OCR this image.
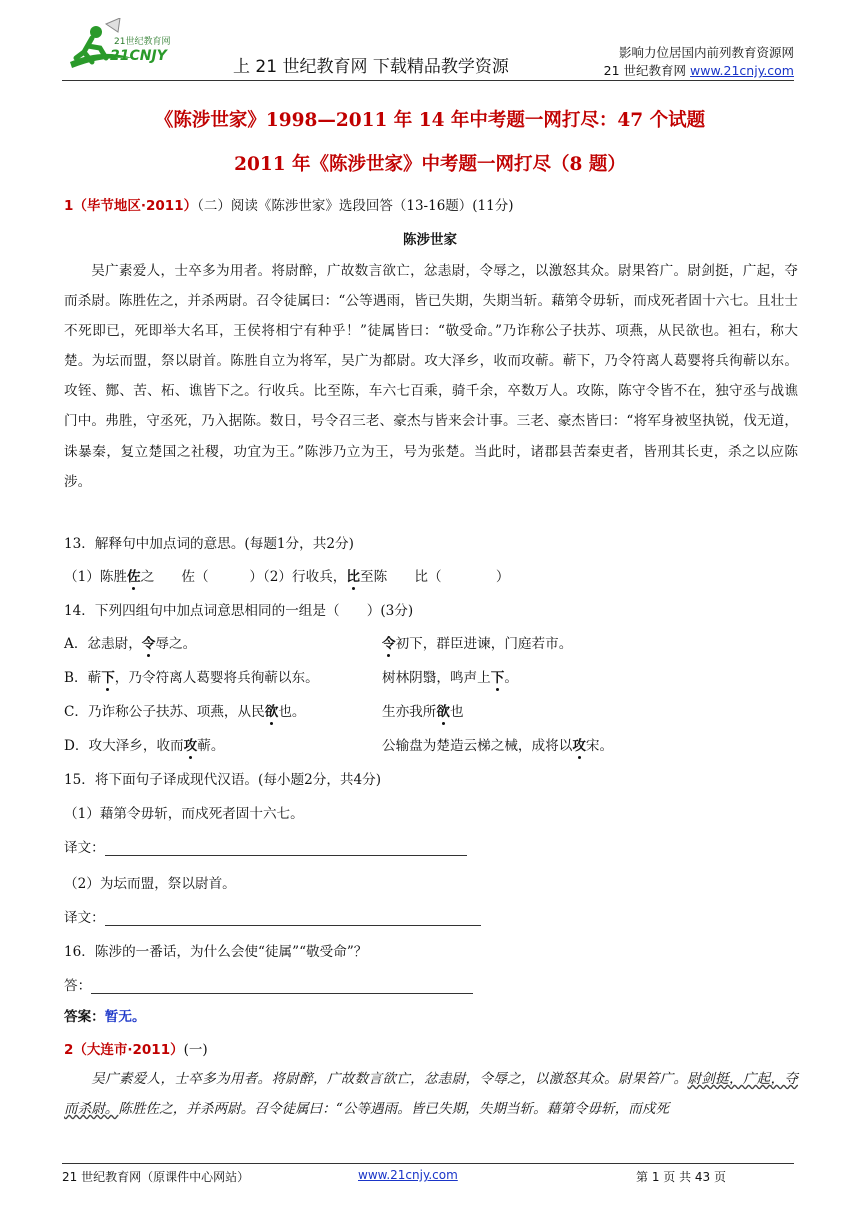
21世纪教育网
21CNJY
上 21 世纪教育网 下载精品教学资源
影响力位居国内前列教育资源网
21 世纪教育网 www.21cnjy.com
《陈涉世家》1998—2011 年 14 年中考题一网打尽：47 个试题
2011 年《陈涉世家》中考题一网打尽（8 题）
1（毕节地区·2011）（二）阅读《陈涉世家》选段回答（13-16题）(11分)
陈涉世家
吴广素爱人，士卒多为用者。将尉醉，广故数言欲亡，忿恚尉，令辱之，以激怒其众。尉果笞广。尉剑挺，广起，夺而杀尉。陈胜佐之，并杀两尉。召令徒属曰：“公等遇雨，皆已失期，失期当斩。藉第令毋斩，而戍死者固十六七。且壮士不死即已，死即举大名耳，王侯将相宁有种乎！”徒属皆曰：“敬受命。”乃诈称公子扶苏、项燕，从民欲也。袒右，称大楚。为坛而盟，祭以尉首。陈胜自立为将军，吴广为都尉。攻大泽乡，收而攻蕲。蕲下，乃令符离人葛婴将兵徇蕲以东。攻铚、酂、苦、柘、谯皆下之。行收兵。比至陈，车六七百乘，骑千余，卒数万人。攻陈，陈守令皆不在，独守丞与战谯门中。弗胜，守丞死，乃入据陈。数日，号令召三老、豪杰与皆来会计事。三老、豪杰皆曰：“将军身被坚执锐，伐无道，诛暴秦，复立楚国之社稷，功宜为王。”陈涉乃立为王，号为张楚。当此时，诸郡县苦秦吏者，皆刑其长吏，杀之以应陈涉。
13．解释句中加点词的意思。(每题1分，共2分)
（1）陈胜佐之　　佐（　　　）（2）行收兵，比至陈　　比（　　　　）
14．下列四组句中加点词意思相同的一组是（　　）(3分)
A．忿恚尉，令辱之。	令初下，群臣进谏，门庭若市。
B．蕲下，乃令符离人葛婴将兵徇蕲以东。	树林阴翳，鸣声上下。
C．乃诈称公子扶苏、项燕，从民欲也。	生亦我所欲也
D．攻大泽乡，收而攻蕲。	公输盘为楚造云梯之械，成将以攻宋。
15．将下面句子译成现代汉语。(每小题2分，共4分)
（1）藉第令毋斩，而戍死者固十六七。
译文：
（2）为坛而盟，祭以尉首。
译文：
16．陈涉的一番话，为什么会使“徒属”“敬受命”？
答：
答案：暂无。
2（大连市·2011）(一)
吴广素爱人，士卒多为用者。将尉醉，广故数言欲亡，忿恚尉，令辱之，以激怒其众。尉果笞广。尉剑挺，广起，夺而杀尉。陈胜佐之，并杀两尉。召令徒属曰：“公等遇雨。皆已失期，失期当斩。藉第令毋斩，而戍死
21 世纪教育网（原课件中心网站）	www.21cnjy.com	第 1 页 共 43 页
